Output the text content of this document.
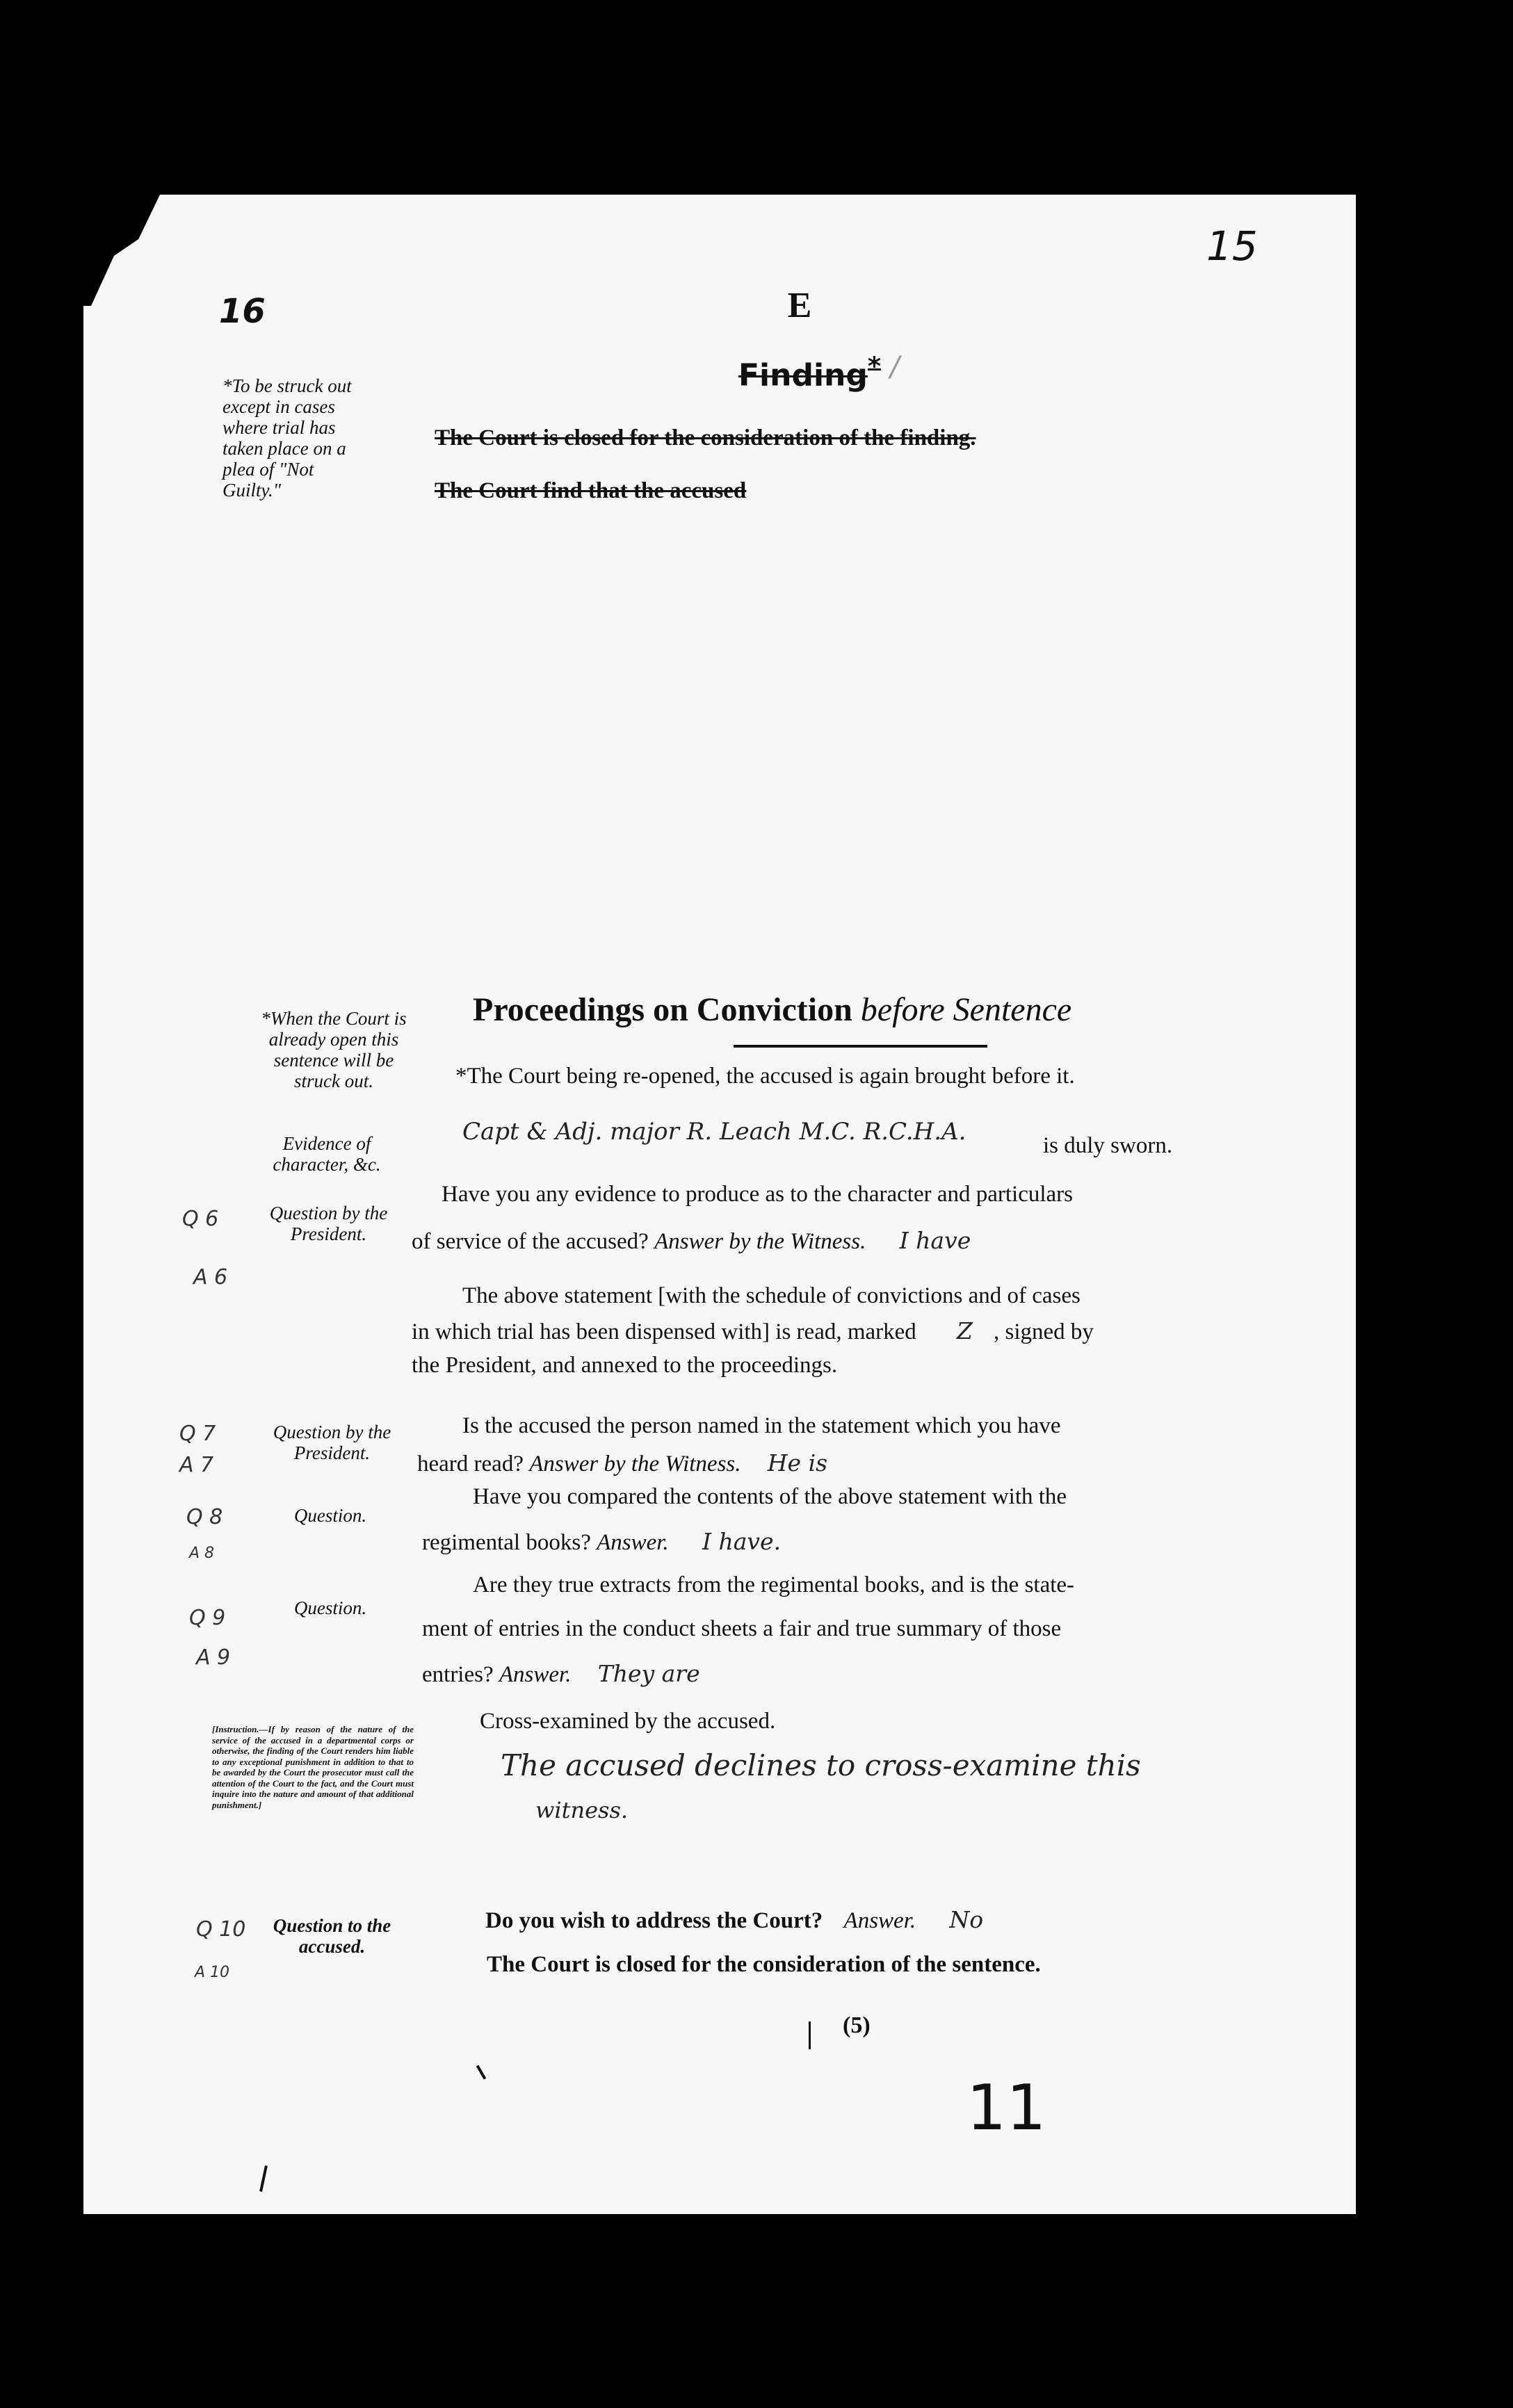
15
16	E
Finding* /
*To be struck out except in cases where trial has taken place on a plea of "Not Guilty."
The Court is closed for the consideration of the finding.
The Court find that the accused
Proceedings on Conviction before Sentence
*When the Court is already open this sentence will be struck out.
Evidence of character, &c.
*The Court being re-opened, the accused is again brought before it.
Capt & Adj. major R. Leach M.C. R.C.H.A.	is duly sworn.
Q 6
A 6
Question by the President.
Have you any evidence to produce as to the character and particulars
of service of the accused? Answer by the Witness. I have
The above statement [with the schedule of convictions and of cases
in which trial has been dispensed with] is read, marked Z , signed by
the President, and annexed to the proceedings.
Q 7
A 7
Question by the President.
Is the accused the person named in the statement which you have
heard read? Answer by the Witness. He is
Q 8
A 8
Question.
Have you compared the contents of the above statement with the
regimental books? Answer. I have.
Q 9
A 9
Question.
Are they true extracts from the regimental books, and is the state-
ment of entries in the conduct sheets a fair and true summary of those
entries? Answer. They are
[Instruction.—If by reason of the nature of the service of the accused in a departmental corps or otherwise, the finding of the Court renders him liable to any exceptional punishment in addition to that to be awarded by the Court the prosecutor must call the attention of the Court to the fact, and the Court must inquire into the nature and amount of that additional punishment.]
Cross-examined by the accused.
The accused declines to cross-examine this
witness.
Q 10
A 10
Question to the accused.
Do you wish to address the Court? Answer. No
The Court is closed for the consideration of the sentence.
(5)
11
